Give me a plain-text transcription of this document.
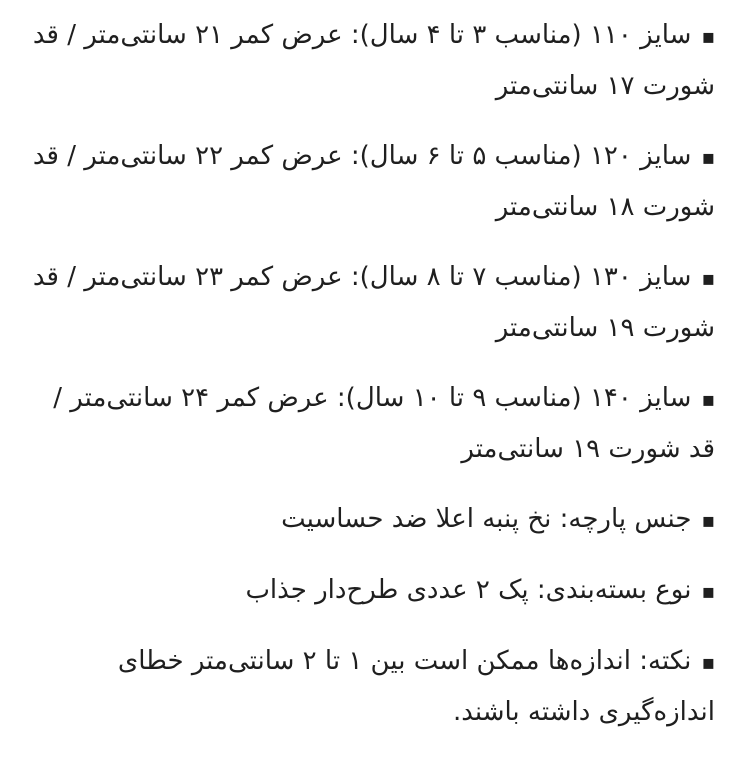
▪سایز ۱۱۰ (مناسب ۳ تا ۴ سال): عرض کمر ۲۱ سانتی‌متر / قد شورت ۱۷ سانتی‌متر

▪سایز ۱۲۰ (مناسب ۵ تا ۶ سال): عرض کمر ۲۲ سانتی‌متر / قد شورت ۱۸ سانتی‌متر

▪سایز ۱۳۰ (مناسب ۷ تا ۸ سال): عرض کمر ۲۳ سانتی‌متر / قد شورت ۱۹ سانتی‌متر

▪سایز ۱۴۰ (مناسب ۹ تا ۱۰ سال): عرض کمر ۲۴ سانتی‌متر / قد شورت ۱۹ سانتی‌متر

▪جنس پارچه: نخ پنبه اعلا ضد حساسیت

▪نوع بسته‌بندی: پک ۲ عددی طرح‌دار جذاب

▪نکته: اندازه‌ها ممکن است بین ۱ تا ۲ سانتی‌متر خطای اندازه‌گیری داشته باشند.
